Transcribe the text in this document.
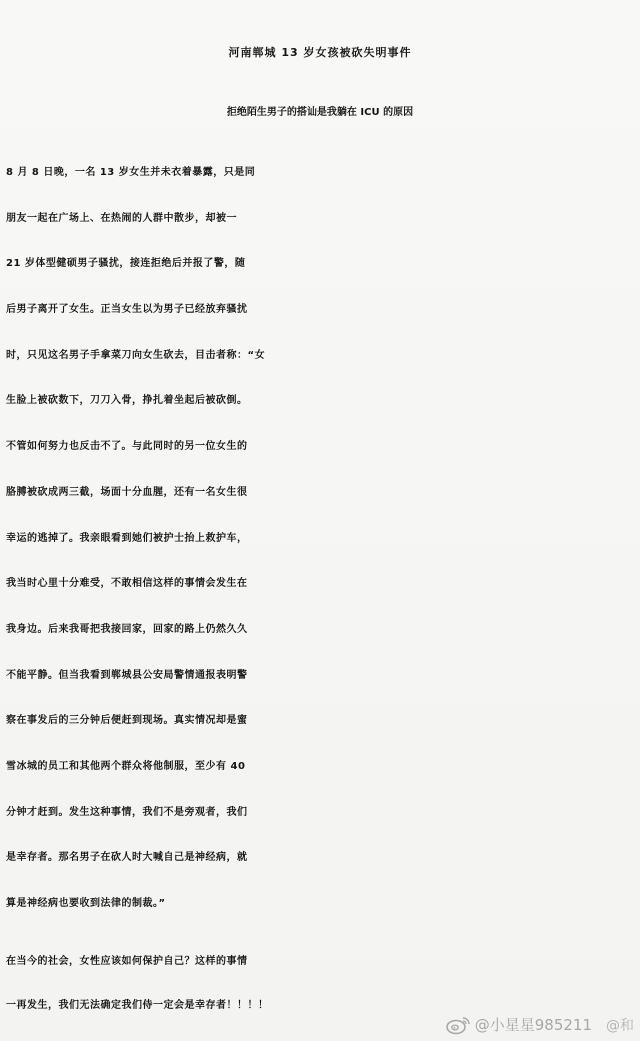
河南郸城 13 岁女孩被砍失明事件
拒绝陌生男子的搭讪是我躺在 ICU 的原因
8 月 8 日晚，一名 13 岁女生并未衣着暴露，只是同
朋友一起在广场上、在热闹的人群中散步，却被一
21 岁体型健硕男子骚扰，接连拒绝后并报了警，随
后男子离开了女生。正当女生以为男子已经放弃骚扰
时，只见这名男子手拿菜刀向女生砍去，目击者称：“女
生脸上被砍数下，刀刀入骨，挣扎着坐起后被砍倒。
不管如何努力也反击不了。与此同时的另一位女生的
胳膊被砍成两三截，场面十分血腥，还有一名女生很
幸运的逃掉了。我亲眼看到她们被护士抬上救护车，
我当时心里十分难受，不敢相信这样的事情会发生在
我身边。后来我哥把我接回家，回家的路上仍然久久
不能平静。但当我看到郸城县公安局警情通报表明警
察在事发后的三分钟后便赶到现场。真实情况却是蜜
雪冰城的员工和其他两个群众将他制服，至少有 40
分钟才赶到。发生这种事情，我们不是旁观者，我们
是幸存者。那名男子在砍人时大喊自己是神经病，就
算是神经病也要收到法律的制裁。”
在当今的社会，女性应该如何保护自己？这样的事情
一再发生，我们无法确定我们侍一定会是幸存者！！！！
@小星星985211 @和
